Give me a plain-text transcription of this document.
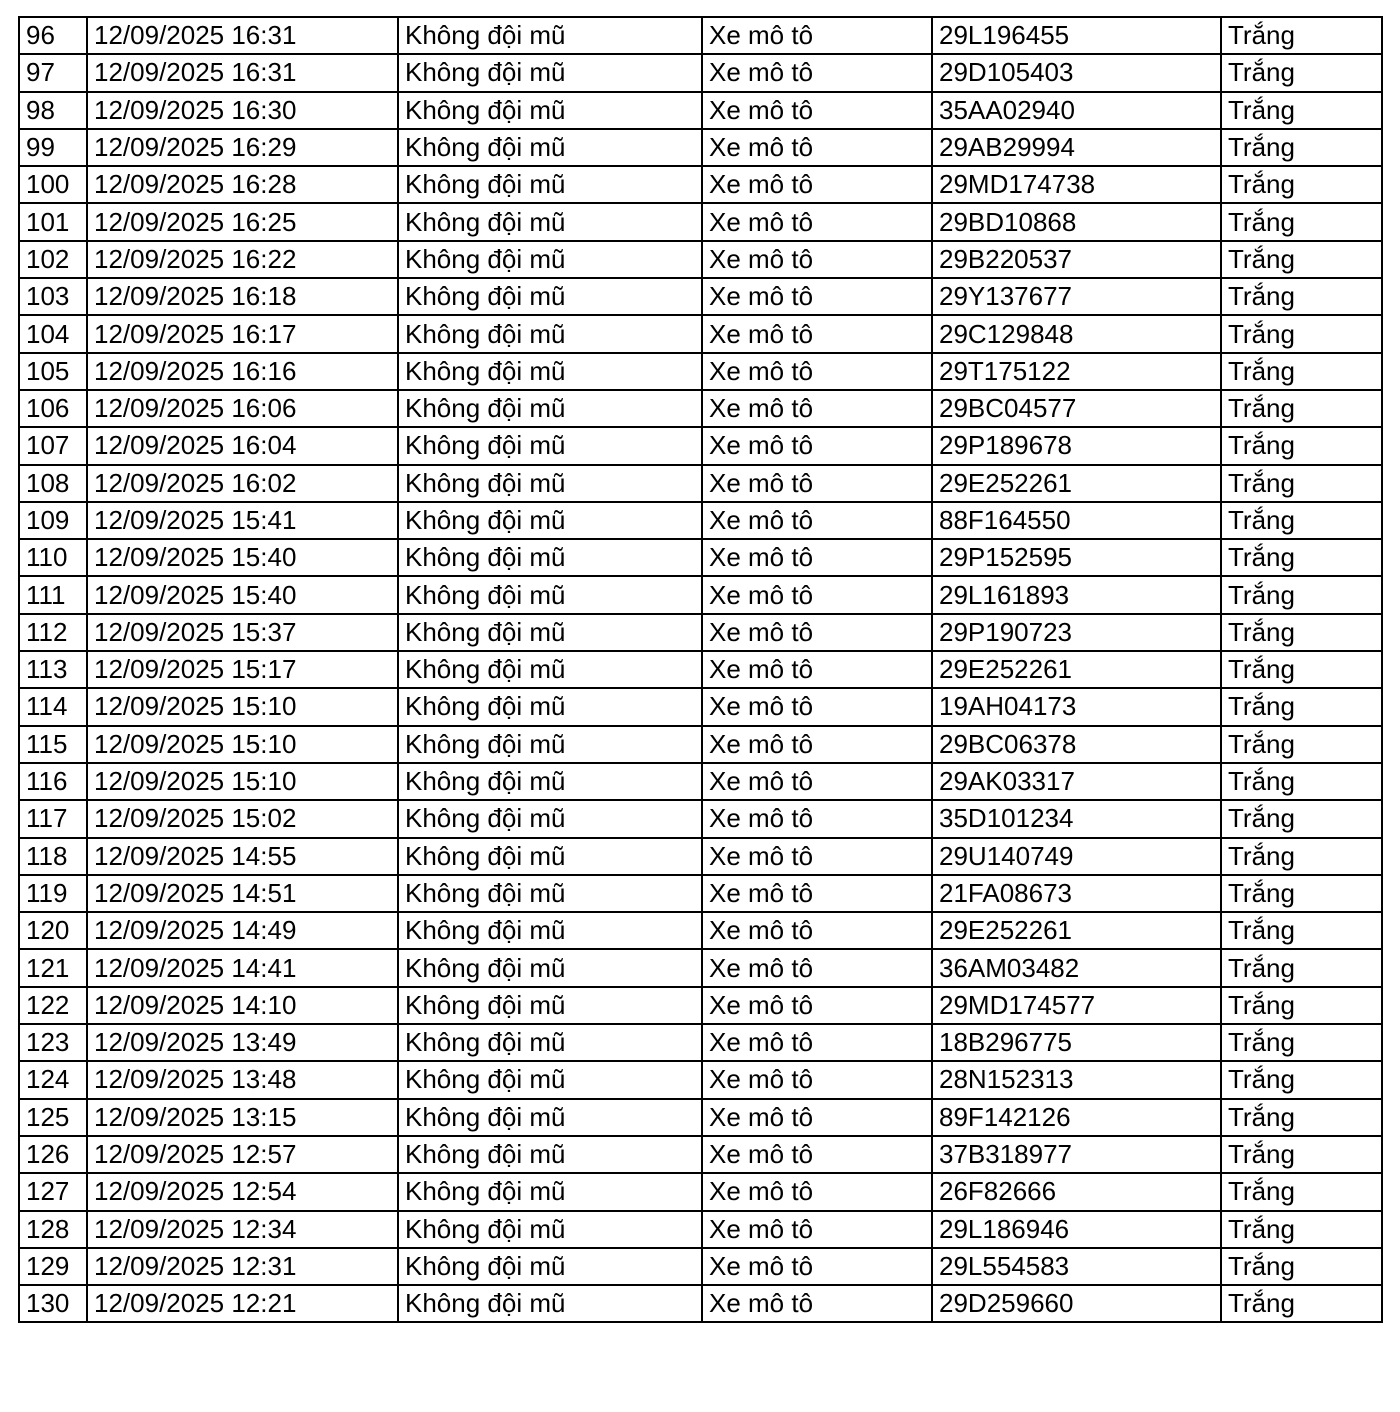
96	12/09/2025 16:31	Không đội mũ	Xe mô tô	29L196455	Trắng
97	12/09/2025 16:31	Không đội mũ	Xe mô tô	29D105403	Trắng
98	12/09/2025 16:30	Không đội mũ	Xe mô tô	35AA02940	Trắng
99	12/09/2025 16:29	Không đội mũ	Xe mô tô	29AB29994	Trắng
100	12/09/2025 16:28	Không đội mũ	Xe mô tô	29MD174738	Trắng
101	12/09/2025 16:25	Không đội mũ	Xe mô tô	29BD10868	Trắng
102	12/09/2025 16:22	Không đội mũ	Xe mô tô	29B220537	Trắng
103	12/09/2025 16:18	Không đội mũ	Xe mô tô	29Y137677	Trắng
104	12/09/2025 16:17	Không đội mũ	Xe mô tô	29C129848	Trắng
105	12/09/2025 16:16	Không đội mũ	Xe mô tô	29T175122	Trắng
106	12/09/2025 16:06	Không đội mũ	Xe mô tô	29BC04577	Trắng
107	12/09/2025 16:04	Không đội mũ	Xe mô tô	29P189678	Trắng
108	12/09/2025 16:02	Không đội mũ	Xe mô tô	29E252261	Trắng
109	12/09/2025 15:41	Không đội mũ	Xe mô tô	88F164550	Trắng
110	12/09/2025 15:40	Không đội mũ	Xe mô tô	29P152595	Trắng
111	12/09/2025 15:40	Không đội mũ	Xe mô tô	29L161893	Trắng
112	12/09/2025 15:37	Không đội mũ	Xe mô tô	29P190723	Trắng
113	12/09/2025 15:17	Không đội mũ	Xe mô tô	29E252261	Trắng
114	12/09/2025 15:10	Không đội mũ	Xe mô tô	19AH04173	Trắng
115	12/09/2025 15:10	Không đội mũ	Xe mô tô	29BC06378	Trắng
116	12/09/2025 15:10	Không đội mũ	Xe mô tô	29AK03317	Trắng
117	12/09/2025 15:02	Không đội mũ	Xe mô tô	35D101234	Trắng
118	12/09/2025 14:55	Không đội mũ	Xe mô tô	29U140749	Trắng
119	12/09/2025 14:51	Không đội mũ	Xe mô tô	21FA08673	Trắng
120	12/09/2025 14:49	Không đội mũ	Xe mô tô	29E252261	Trắng
121	12/09/2025 14:41	Không đội mũ	Xe mô tô	36AM03482	Trắng
122	12/09/2025 14:10	Không đội mũ	Xe mô tô	29MD174577	Trắng
123	12/09/2025 13:49	Không đội mũ	Xe mô tô	18B296775	Trắng
124	12/09/2025 13:48	Không đội mũ	Xe mô tô	28N152313	Trắng
125	12/09/2025 13:15	Không đội mũ	Xe mô tô	89F142126	Trắng
126	12/09/2025 12:57	Không đội mũ	Xe mô tô	37B318977	Trắng
127	12/09/2025 12:54	Không đội mũ	Xe mô tô	26F82666	Trắng
128	12/09/2025 12:34	Không đội mũ	Xe mô tô	29L186946	Trắng
129	12/09/2025 12:31	Không đội mũ	Xe mô tô	29L554583	Trắng
130	12/09/2025 12:21	Không đội mũ	Xe mô tô	29D259660	Trắng
